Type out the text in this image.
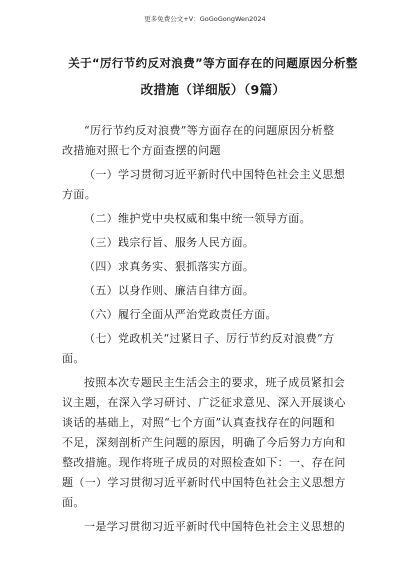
更多免费公文+V：GoGoGongWen2024
关于“厉行节约反对浪费”等方面存在的问题原因分析整
改措施（详细版）（9篇）
“厉行节约反对浪费”等方面存在的问题原因分析整
改措施对照七个方面查摆的问题
（一）学习贯彻习近平新时代中国特色社会主义思想
方面。
（二）维护党中央权威和集中统一领导方面。
（三）践宗行旨、服务人民方面。
（四）求真务实、狠抓落实方面。
（五）以身作则、廉洁自律方面。
（六）履行全面从严治党政责任方面。
（七）党政机关“过紧日子、厉行节约反对浪费”方
面。
按照本次专题民主生活会主的要求，班子成员紧扣会
议主题，在深入学习研讨、广泛征求意见、深入开展谈心
谈话的基础上，对照“七个方面”认真查找存在的问题和
不足，深刻剖析产生问题的原因，明确了今后努力方向和
整改措施。现作将班子成员的对照检查如下：一、存在问
题（一）学习贯彻习近平新时代中国特色社会主义思想方
面。
一是学习贯彻习近平新时代中国特色社会主义思想的
